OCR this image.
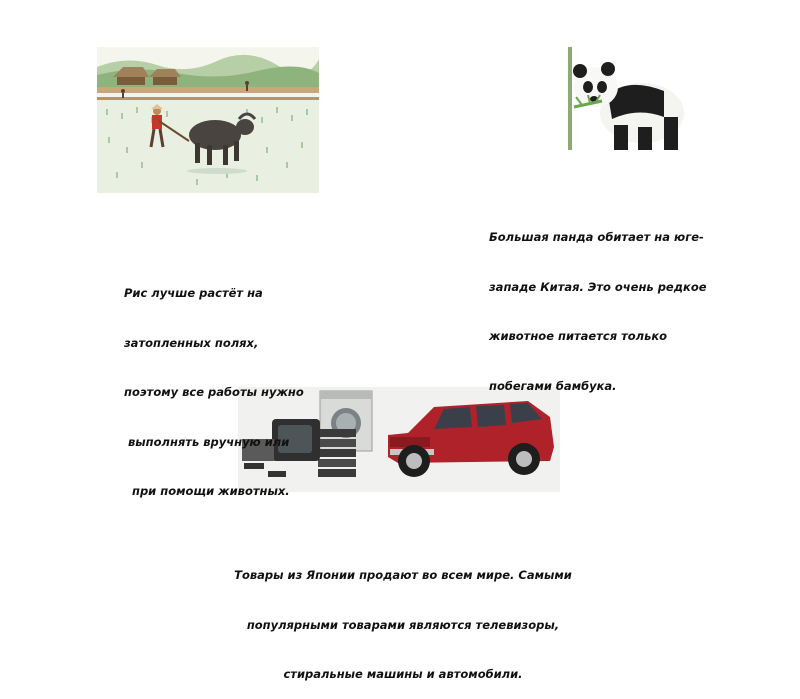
Рис лучше растёт на

затопленных полях,

поэтому все работы нужно

выполнять вручную или

при помощи животных.

Большая панда обитает на юге-

западе Китая. Это очень редкое

животное питается только

побегами бамбука.

Товары из Японии продают во всем мире. Самыми

популярными товарами являются телевизоры,

стиральные машины и автомобили.
